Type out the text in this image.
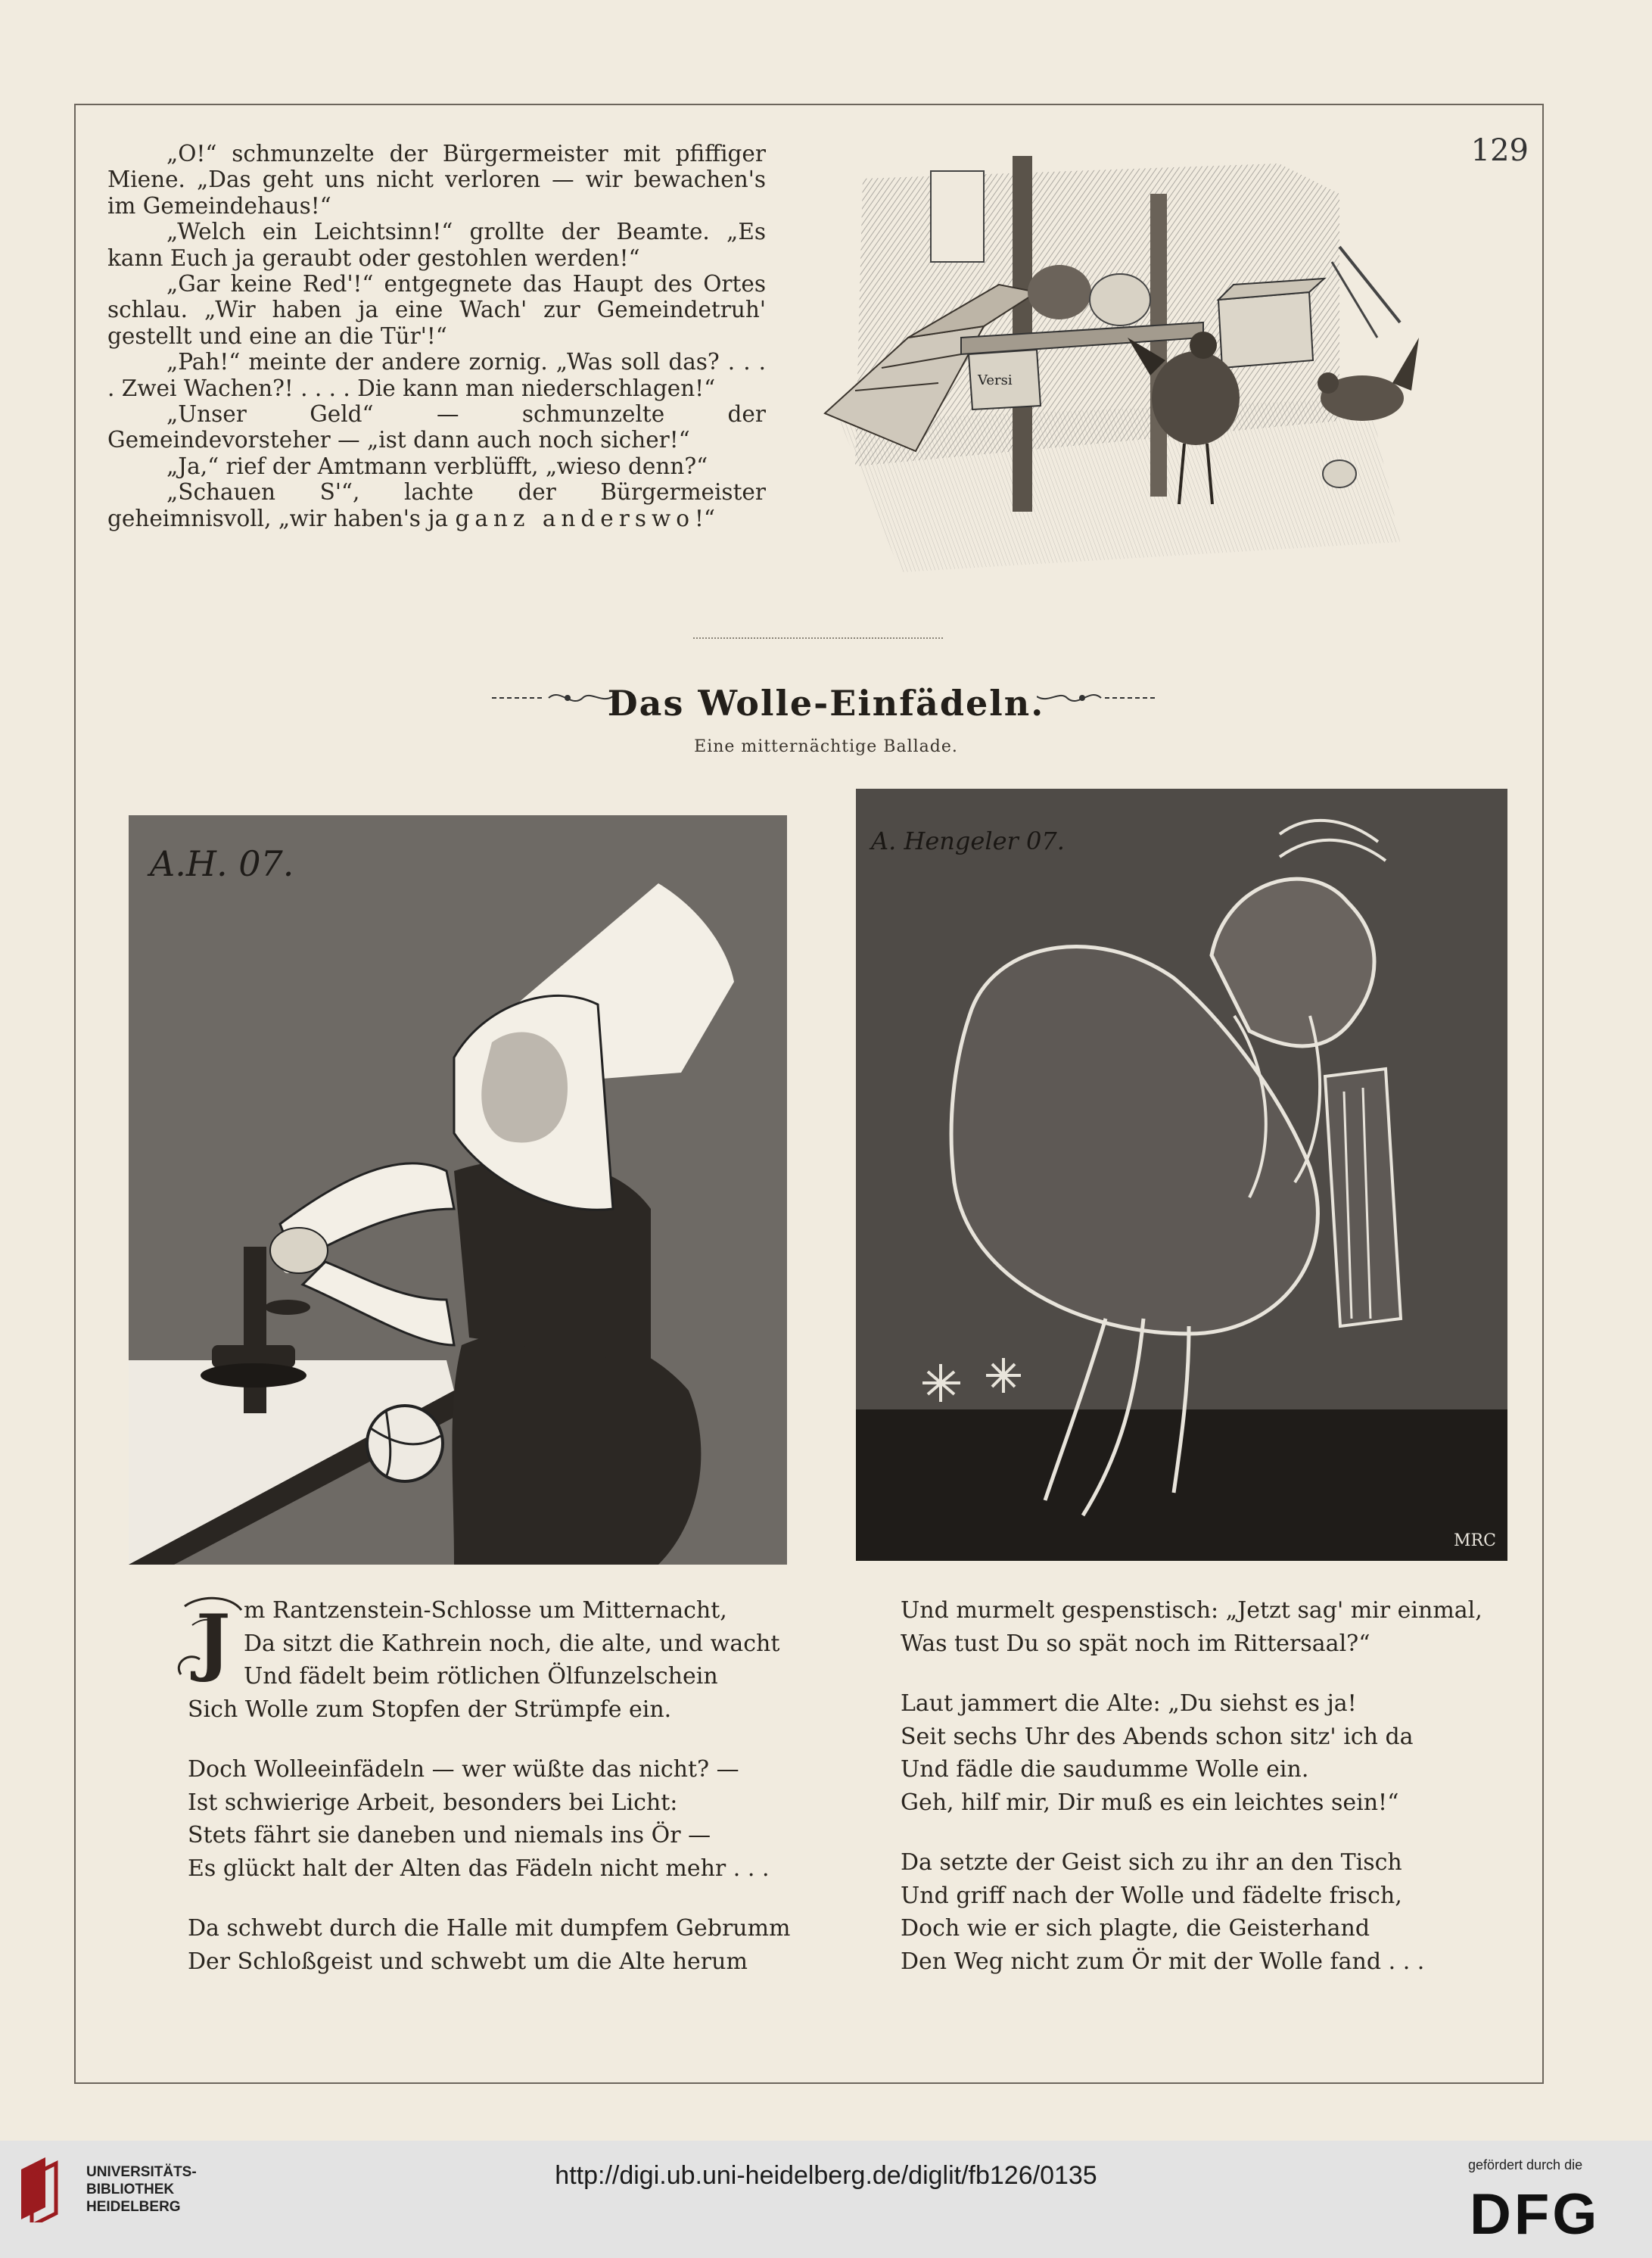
129

„O!“ schmunzelte der Bürgermeister mit pfiffiger Miene. „Das geht uns nicht verloren — wir bewachen's im Gemeindehaus!“

„Welch ein Leichtsinn!“ grollte der Beamte. „Es kann Euch ja geraubt oder gestohlen werden!“

„Gar keine Red'!“ entgegnete das Haupt des Ortes schlau. „Wir haben ja eine Wach' zur Gemeindetruh' gestellt und eine an die Tür'!“

„Pah!“ meinte der andere zornig. „Was soll das? . . . . Zwei Wachen?! . . . . Die kann man niederschlagen!“

„Unser Geld“ — schmunzelte der Gemeindevorsteher — „ist dann auch noch sicher!“

„Ja,“ rief der Amtmann verblüfft, „wieso denn?“

„Schauen S'“, lachte der Bürgermeister geheimnisvoll, „wir haben's ja ganz anderswo!“

Versi
Das Wolle-Einfädeln.
Eine mitternächtige Ballade.
A.H. 07.
A. Hengeler 07.
MRC
J m Rantzenstein-Schlosse um Mitternacht,

Da sitzt die Kathrein noch, die alte, und wacht

Und fädelt beim rötlichen Ölfunzelschein

Sich Wolle zum Stopfen der Strümpfe ein.

Doch Wolleeinfädeln — wer wüßte das nicht? —

Ist schwierige Arbeit, besonders bei Licht:

Stets fährt sie daneben und niemals ins Ör —

Es glückt halt der Alten das Fädeln nicht mehr . . .

Da schwebt durch die Halle mit dumpfem Gebrumm

Der Schloßgeist und schwebt um die Alte herum

Und murmelt gespenstisch: „Jetzt sag' mir einmal,

Was tust Du so spät noch im Rittersaal?“

Laut jammert die Alte: „Du siehst es ja!

Seit sechs Uhr des Abends schon sitz' ich da

Und fädle die saudumme Wolle ein.

Geh, hilf mir, Dir muß es ein leichtes sein!“

Da setzte der Geist sich zu ihr an den Tisch

Und griff nach der Wolle und fädelte frisch,

Doch wie er sich plagte, die Geisterhand

Den Weg nicht zum Ör mit der Wolle fand . . .

UNIVERSITÄTS-
BIBLIOTHEK
HEIDELBERG
http://digi.ub.uni-heidelberg.de/diglit/fb126/0135	gefördert durch die
DFG
